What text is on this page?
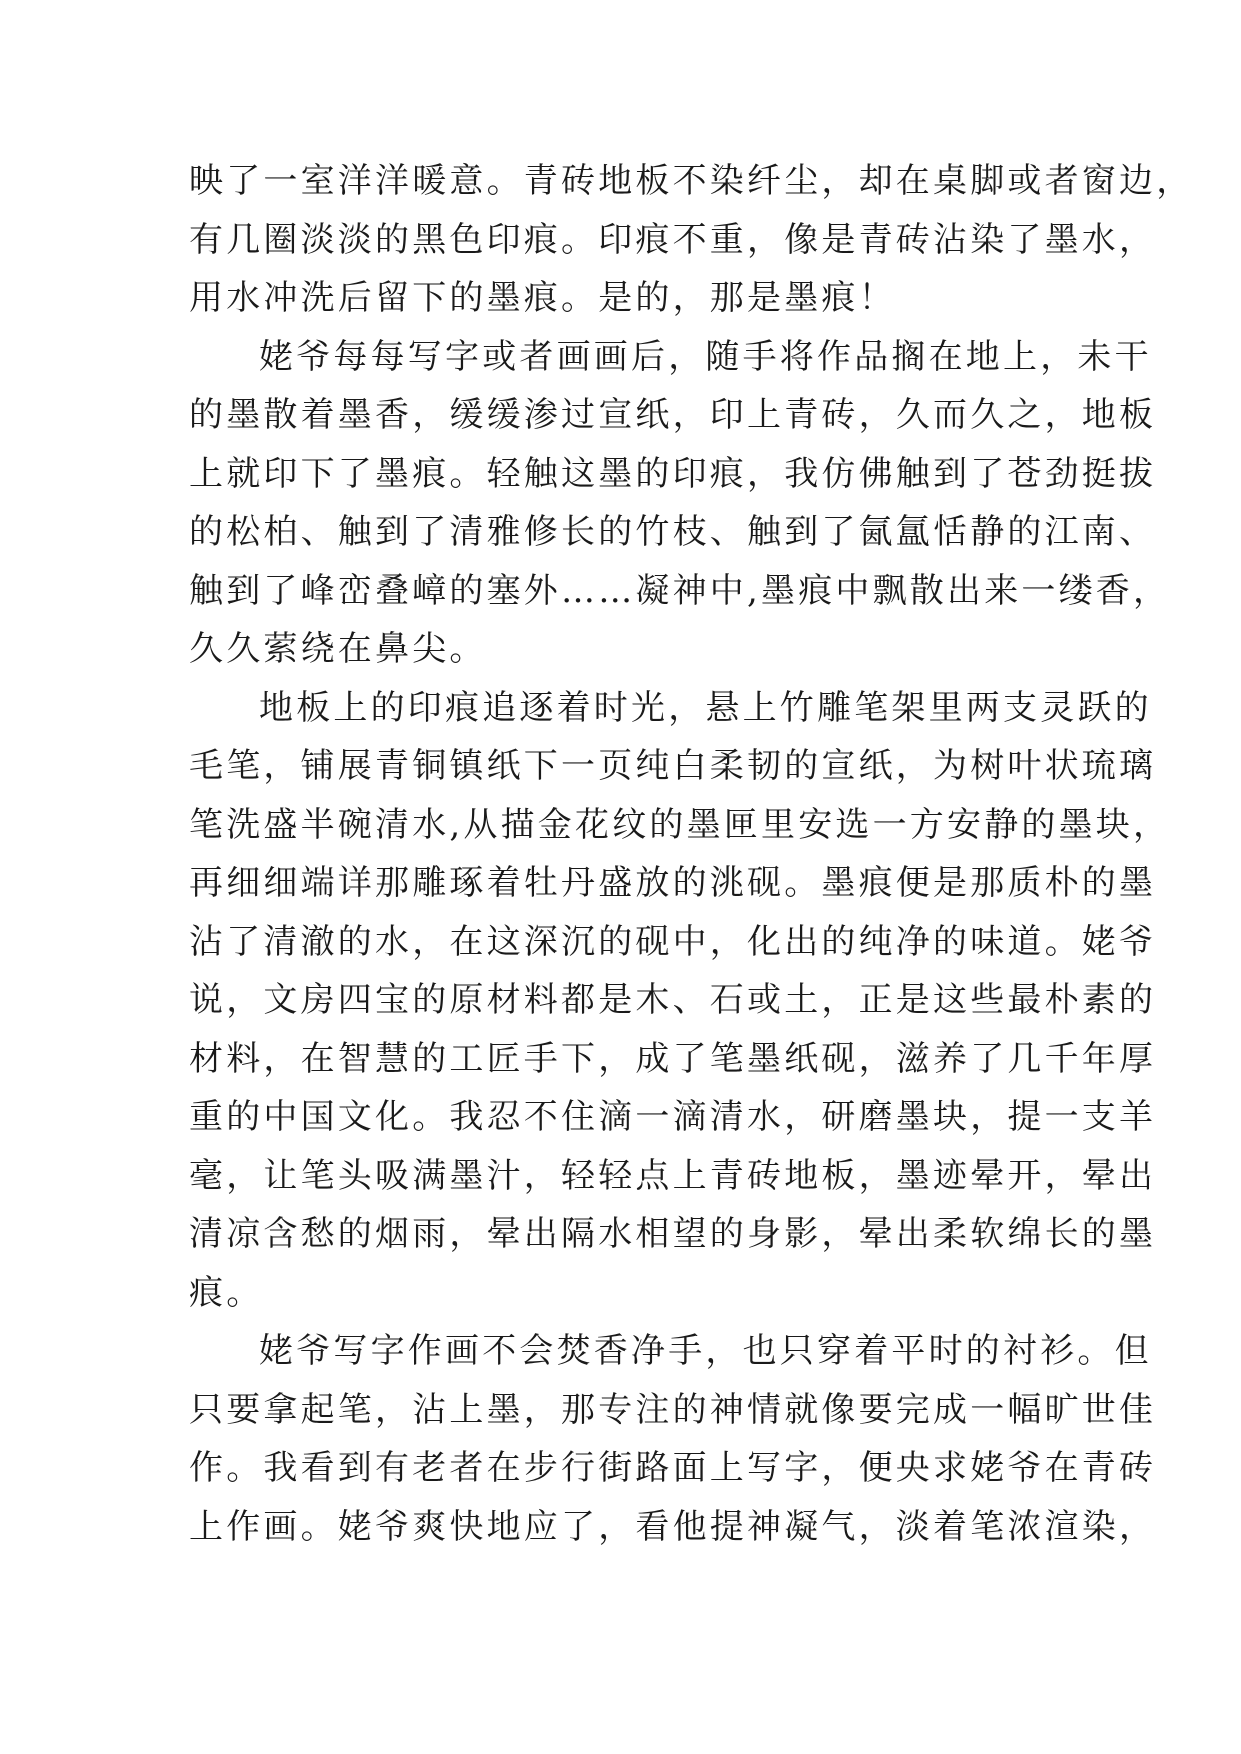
映了一室洋洋暖意。青砖地板不染纤尘，却在桌脚或者窗边，
有几圈淡淡的黑色印痕。印痕不重，像是青砖沾染了墨水，
用水冲洗后留下的墨痕。是的，那是墨痕！
姥爷每每写字或者画画后，随手将作品搁在地上，未干
的墨散着墨香，缓缓渗过宣纸，印上青砖，久而久之，地板
上就印下了墨痕。轻触这墨的印痕，我仿佛触到了苍劲挺拔
的松柏、触到了清雅修长的竹枝、触到了氤氲恬静的江南、
触到了峰峦叠嶂的塞外……凝神中,墨痕中飘散出来一缕香，
久久萦绕在鼻尖。
地板上的印痕追逐着时光，悬上竹雕笔架里两支灵跃的
毛笔，铺展青铜镇纸下一页纯白柔韧的宣纸，为树叶状琉璃
笔洗盛半碗清水,从描金花纹的墨匣里安选一方安静的墨块，
再细细端详那雕琢着牡丹盛放的洮砚。墨痕便是那质朴的墨
沾了清澈的水，在这深沉的砚中，化出的纯净的味道。姥爷
说，文房四宝的原材料都是木、石或土，正是这些最朴素的
材料，在智慧的工匠手下，成了笔墨纸砚，滋养了几千年厚
重的中国文化。我忍不住滴一滴清水，研磨墨块，提一支羊
毫，让笔头吸满墨汁，轻轻点上青砖地板，墨迹晕开，晕出
清凉含愁的烟雨，晕出隔水相望的身影，晕出柔软绵长的墨
痕。
姥爷写字作画不会焚香净手，也只穿着平时的衬衫。但
只要拿起笔，沾上墨，那专注的神情就像要完成一幅旷世佳
作。我看到有老者在步行街路面上写字，便央求姥爷在青砖
上作画。姥爷爽快地应了，看他提神凝气，淡着笔浓渲染，
